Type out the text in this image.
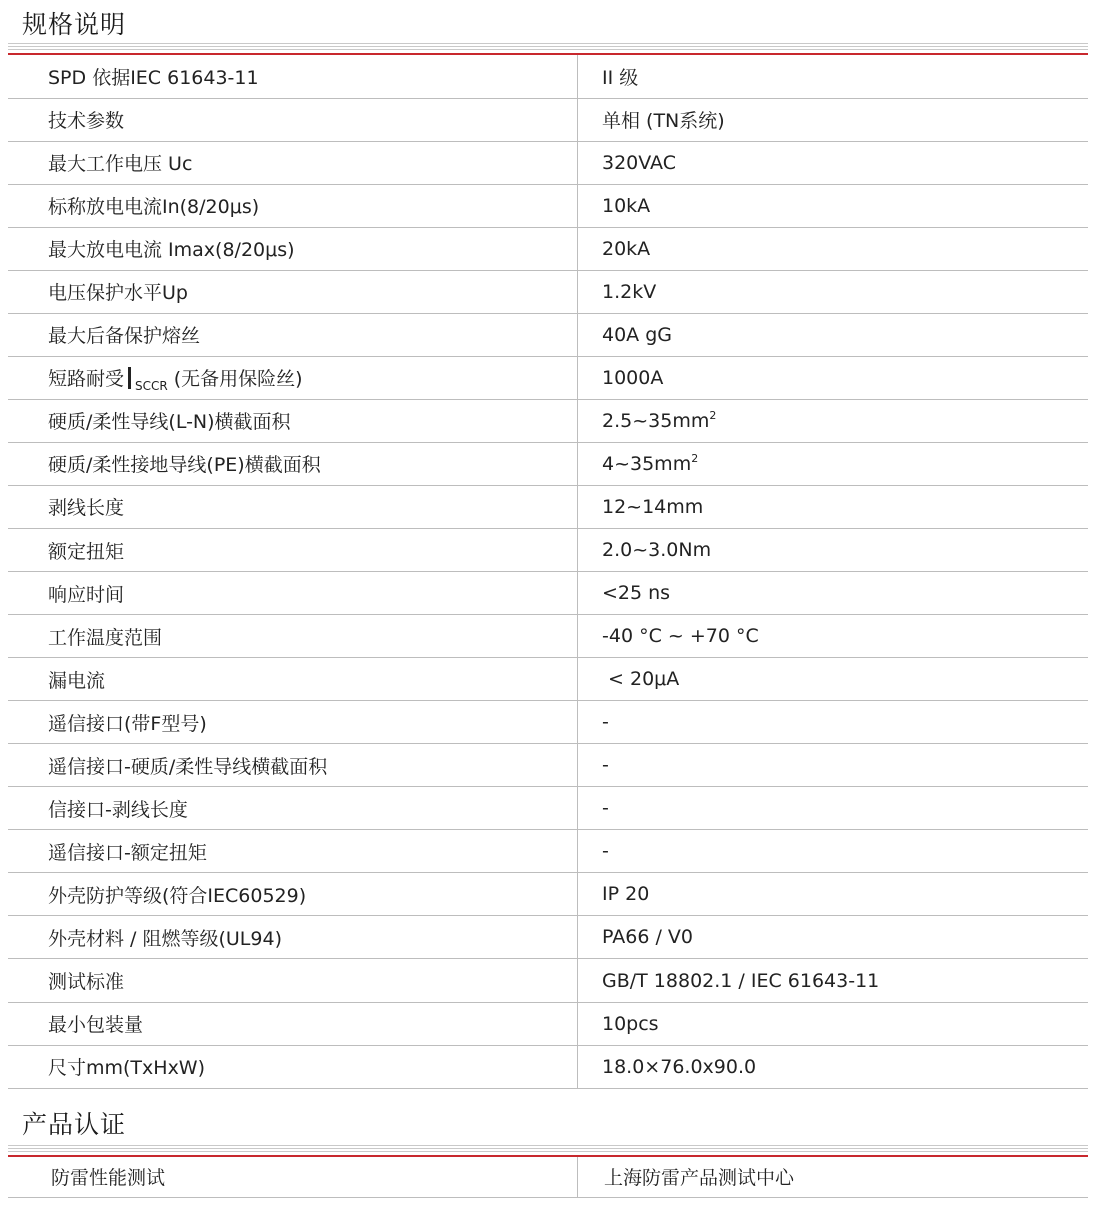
规格说明
SPD 依据IEC 61643-11	II 级
技术参数	单相 (TN系统)
最大工作电压 Uc	320VAC
标称放电电流In(8/20μs)	10kA
最大放电电流 Imax(8/20μs)	20kA
电压保护水平Up	1.2kV
最大后备保护熔丝	40A gG
短路耐受 $_{SCCR}$ (无备用保险丝)	1000A
硬质/柔性导线(L-N)横截面积	$2.5\sim 35mm^2$
硬质/柔性接地导线(PE)横截面积	$4\sim 35mm^2$
剥线长度	12~14mm
额定扭矩	2.0~3.0Nm
响应时间	<25 ns
工作温度范围	-40 °C ~ +70 °C
漏电流	< 20μA
遥信接口(带F型号)	-
遥信接口-硬质/柔性导线横截面积	-
信接口-剥线长度	-
遥信接口-额定扭矩	-
外壳防护等级(符合IEC60529)	IP 20
外壳材料 / 阻燃等级(UL94)	PA66 / V0
测试标准	GB/T 18802.1 / IEC 61643-11
最小包装量	10pcs
尺寸mm(TxHxW)	18.0×76.0x90.0
产品认证
防雷性能测试	上海防雷产品测试中心
